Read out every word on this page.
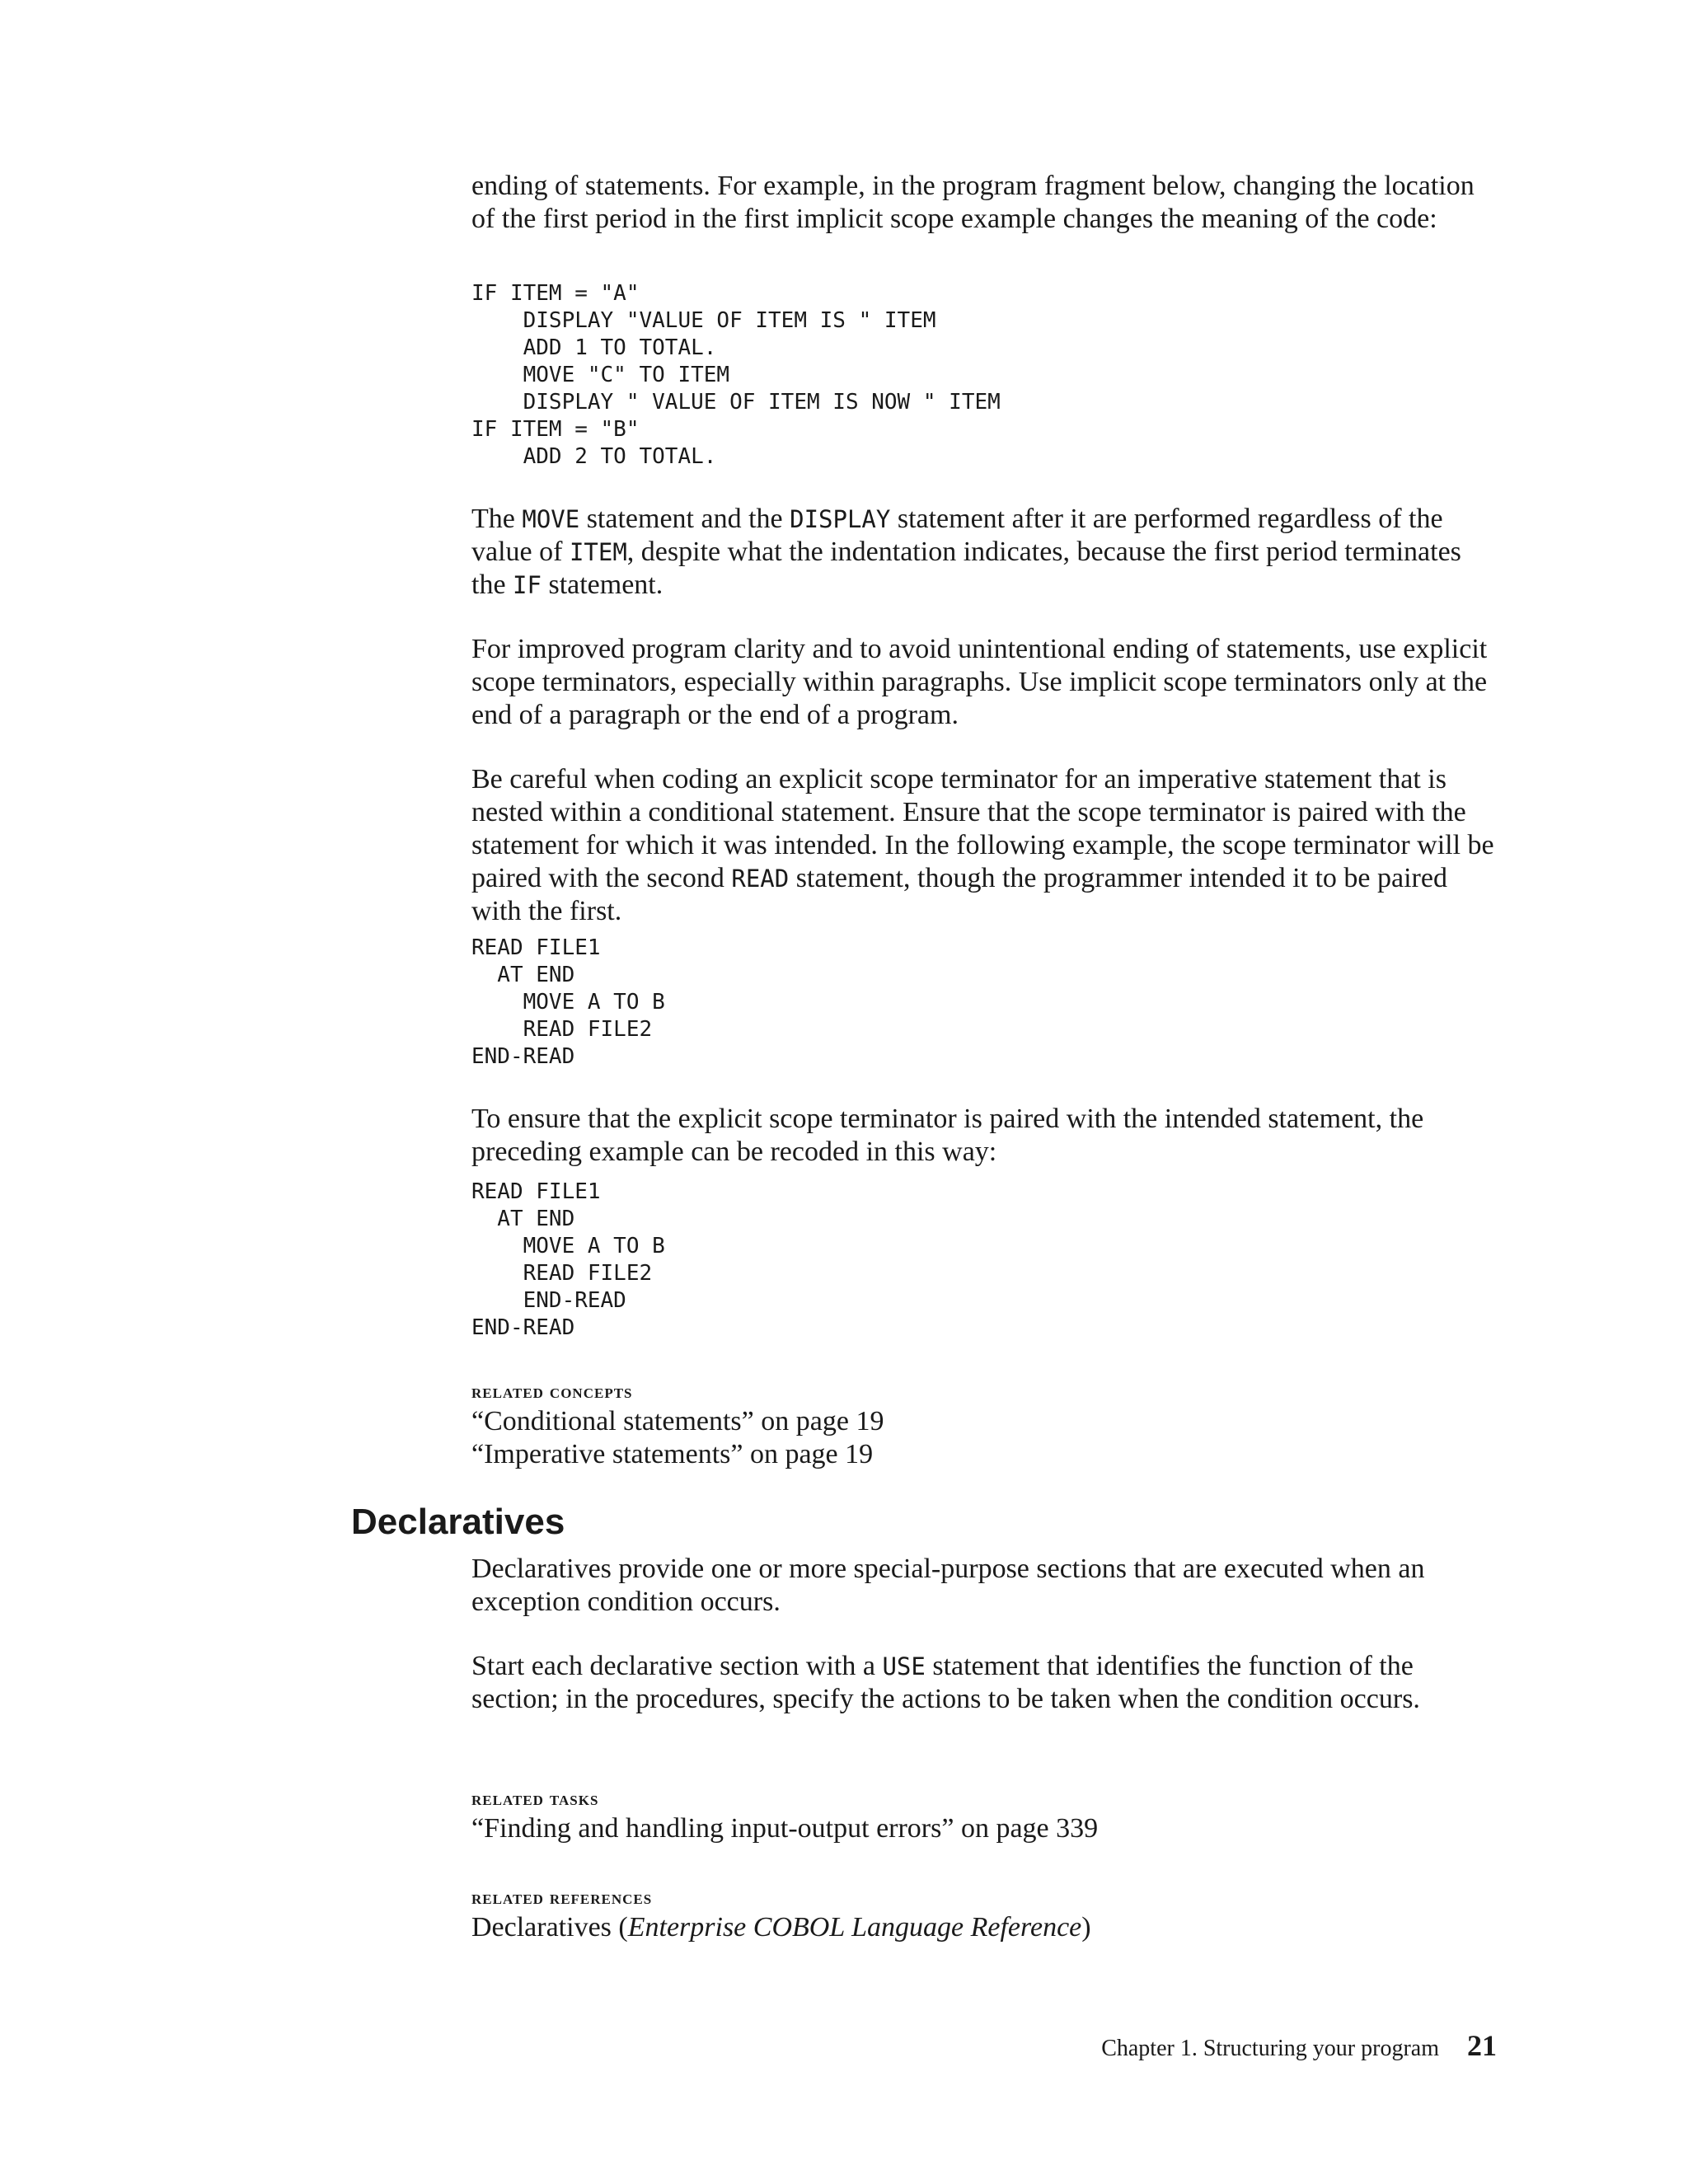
ending of statements. For example, in the program fragment below, changing the location of the first period in the first implicit scope example changes the meaning of the code:

IF ITEM = "A"
DISPLAY "VALUE OF ITEM IS " ITEM
ADD 1 TO TOTAL.
MOVE "C" TO ITEM
DISPLAY " VALUE OF ITEM IS NOW " ITEM
IF ITEM = "B"
ADD 2 TO TOTAL.

The MOVE statement and the DISPLAY statement after it are performed regardless of the value of ITEM, despite what the indentation indicates, because the first period terminates the IF statement.

For improved program clarity and to avoid unintentional ending of statements, use explicit scope terminators, especially within paragraphs. Use implicit scope terminators only at the end of a paragraph or the end of a program.

Be careful when coding an explicit scope terminator for an imperative statement that is nested within a conditional statement. Ensure that the scope terminator is paired with the statement for which it was intended. In the following example, the scope terminator will be paired with the second READ statement, though the programmer intended it to be paired with the first.

READ FILE1
AT END
MOVE A TO B
READ FILE2
END-READ

To ensure that the explicit scope terminator is paired with the intended statement, the preceding example can be recoded in this way:

READ FILE1
AT END
MOVE A TO B
READ FILE2
END-READ
END-READ

related concepts

“Conditional statements” on page 19

“Imperative statements” on page 19

Declaratives

Declaratives provide one or more special-purpose sections that are executed when an exception condition occurs.

Start each declarative section with a USE statement that identifies the function of the section; in the procedures, specify the actions to be taken when the condition occurs.

related tasks

“Finding and handling input-output errors” on page 339

related references

Declaratives (Enterprise COBOL Language Reference)

Chapter 1. Structuring your program 21
